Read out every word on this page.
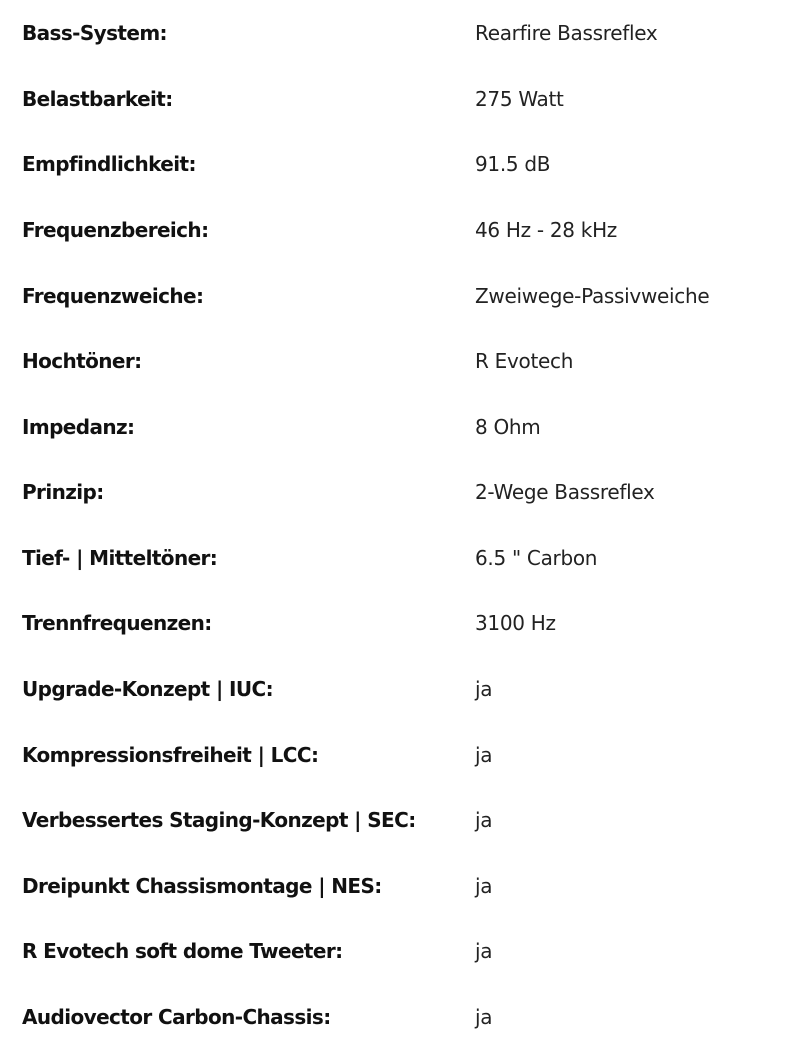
Bass-System:	Rearfire Bassreflex
Belastbarkeit:	275 Watt
Empfindlichkeit:	91.5 dB
Frequenzbereich:	46 Hz - 28 kHz
Frequenzweiche:	Zweiwege-Passivweiche
Hochtöner:	R Evotech
Impedanz:	8 Ohm
Prinzip:	2-Wege Bassreflex
Tief- | Mitteltöner:	6.5 " Carbon
Trennfrequenzen:	3100 Hz
Upgrade-Konzept | IUC:	ja
Kompressionsfreiheit | LCC:	ja
Verbessertes Staging-Konzept | SEC:	ja
Dreipunkt Chassismontage | NES:	ja
R Evotech soft dome Tweeter:	ja
Audiovector Carbon-Chassis:	ja
